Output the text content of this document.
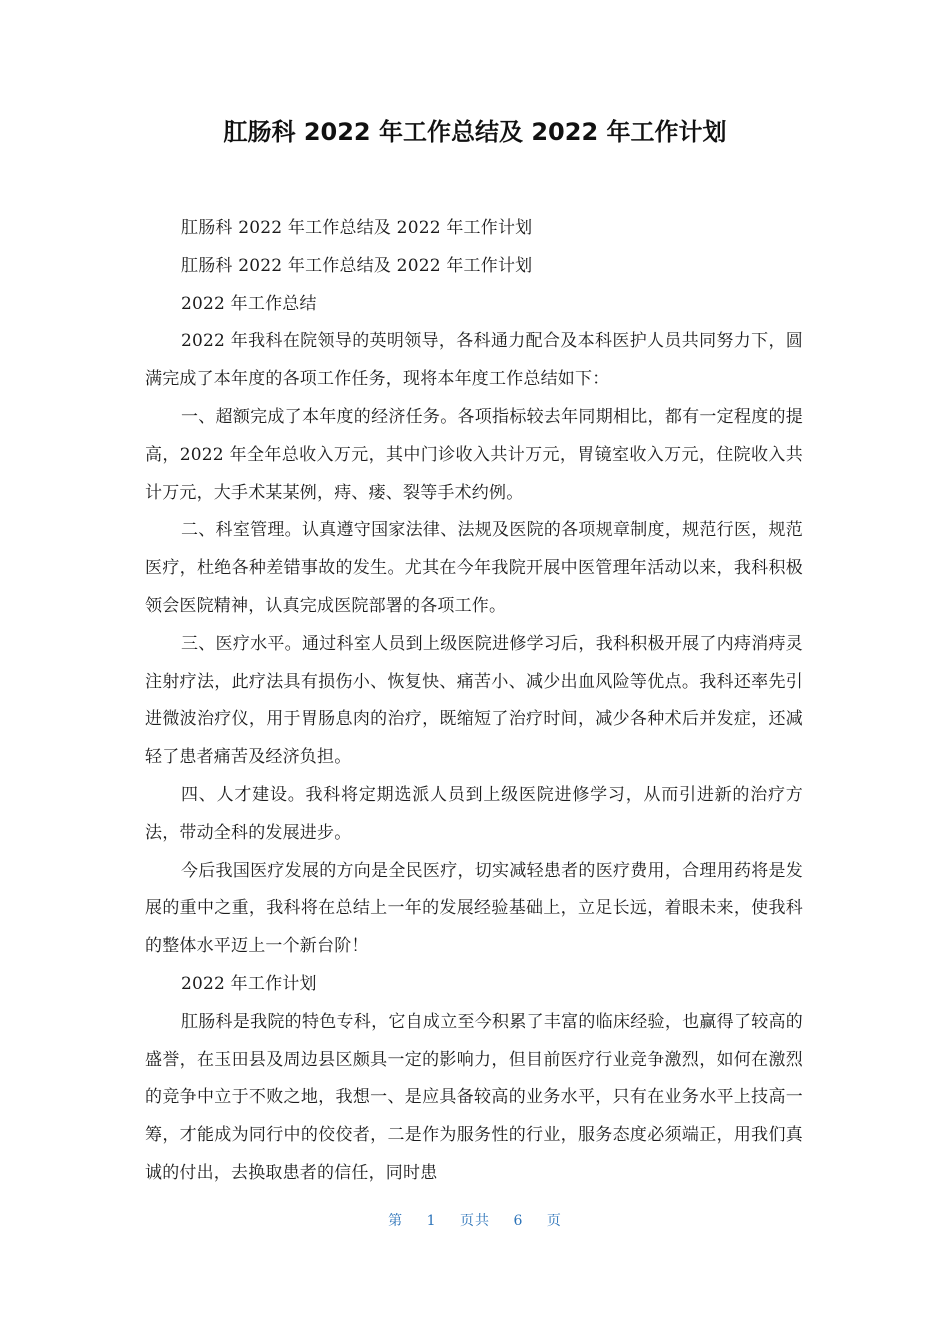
肛肠科 2022 年工作总结及 2022 年工作计划

肛肠科 2022 年工作总结及 2022 年工作计划

肛肠科 2022 年工作总结及 2022 年工作计划

2022 年工作总结

2022 年我科在院领导的英明领导，各科通力配合及本科医护人员共同努力下，圆满完成了本年度的各项工作任务，现将本年度工作总结如下：

一、超额完成了本年度的经济任务。各项指标较去年同期相比，都有一定程度的提高，2022 年全年总收入万元，其中门诊收入共计万元，胃镜室收入万元，住院收入共计万元，大手术某某例，痔、瘘、裂等手术约例。

二、科室管理。认真遵守国家法律、法规及医院的各项规章制度，规范行医，规范医疗，杜绝各种差错事故的发生。尤其在今年我院开展中医管理年活动以来，我科积极领会医院精神，认真完成医院部署的各项工作。

三、医疗水平。通过科室人员到上级医院进修学习后，我科积极开展了内痔消痔灵注射疗法，此疗法具有损伤小、恢复快、痛苦小、减少出血风险等优点。我科还率先引进微波治疗仪，用于胃肠息肉的治疗，既缩短了治疗时间，减少各种术后并发症，还减轻了患者痛苦及经济负担。

四、人才建设。我科将定期选派人员到上级医院进修学习，从而引进新的治疗方法，带动全科的发展进步。

今后我国医疗发展的方向是全民医疗，切实减轻患者的医疗费用，合理用药将是发展的重中之重，我科将在总结上一年的发展经验基础上，立足长远，着眼未来，使我科的整体水平迈上一个新台阶！

2022 年工作计划

肛肠科是我院的特色专科，它自成立至今积累了丰富的临床经验，也赢得了较高的盛誉，在玉田县及周边县区颇具一定的影响力，但目前医疗行业竞争激烈，如何在激烈的竞争中立于不败之地，我想一、是应具备较高的业务水平，只有在业务水平上技高一筹，才能成为同行中的佼佼者，二是作为服务性的行业，服务态度必须端正，用我们真诚的付出，去换取患者的信任，同时患

第 1 页共 6 页
